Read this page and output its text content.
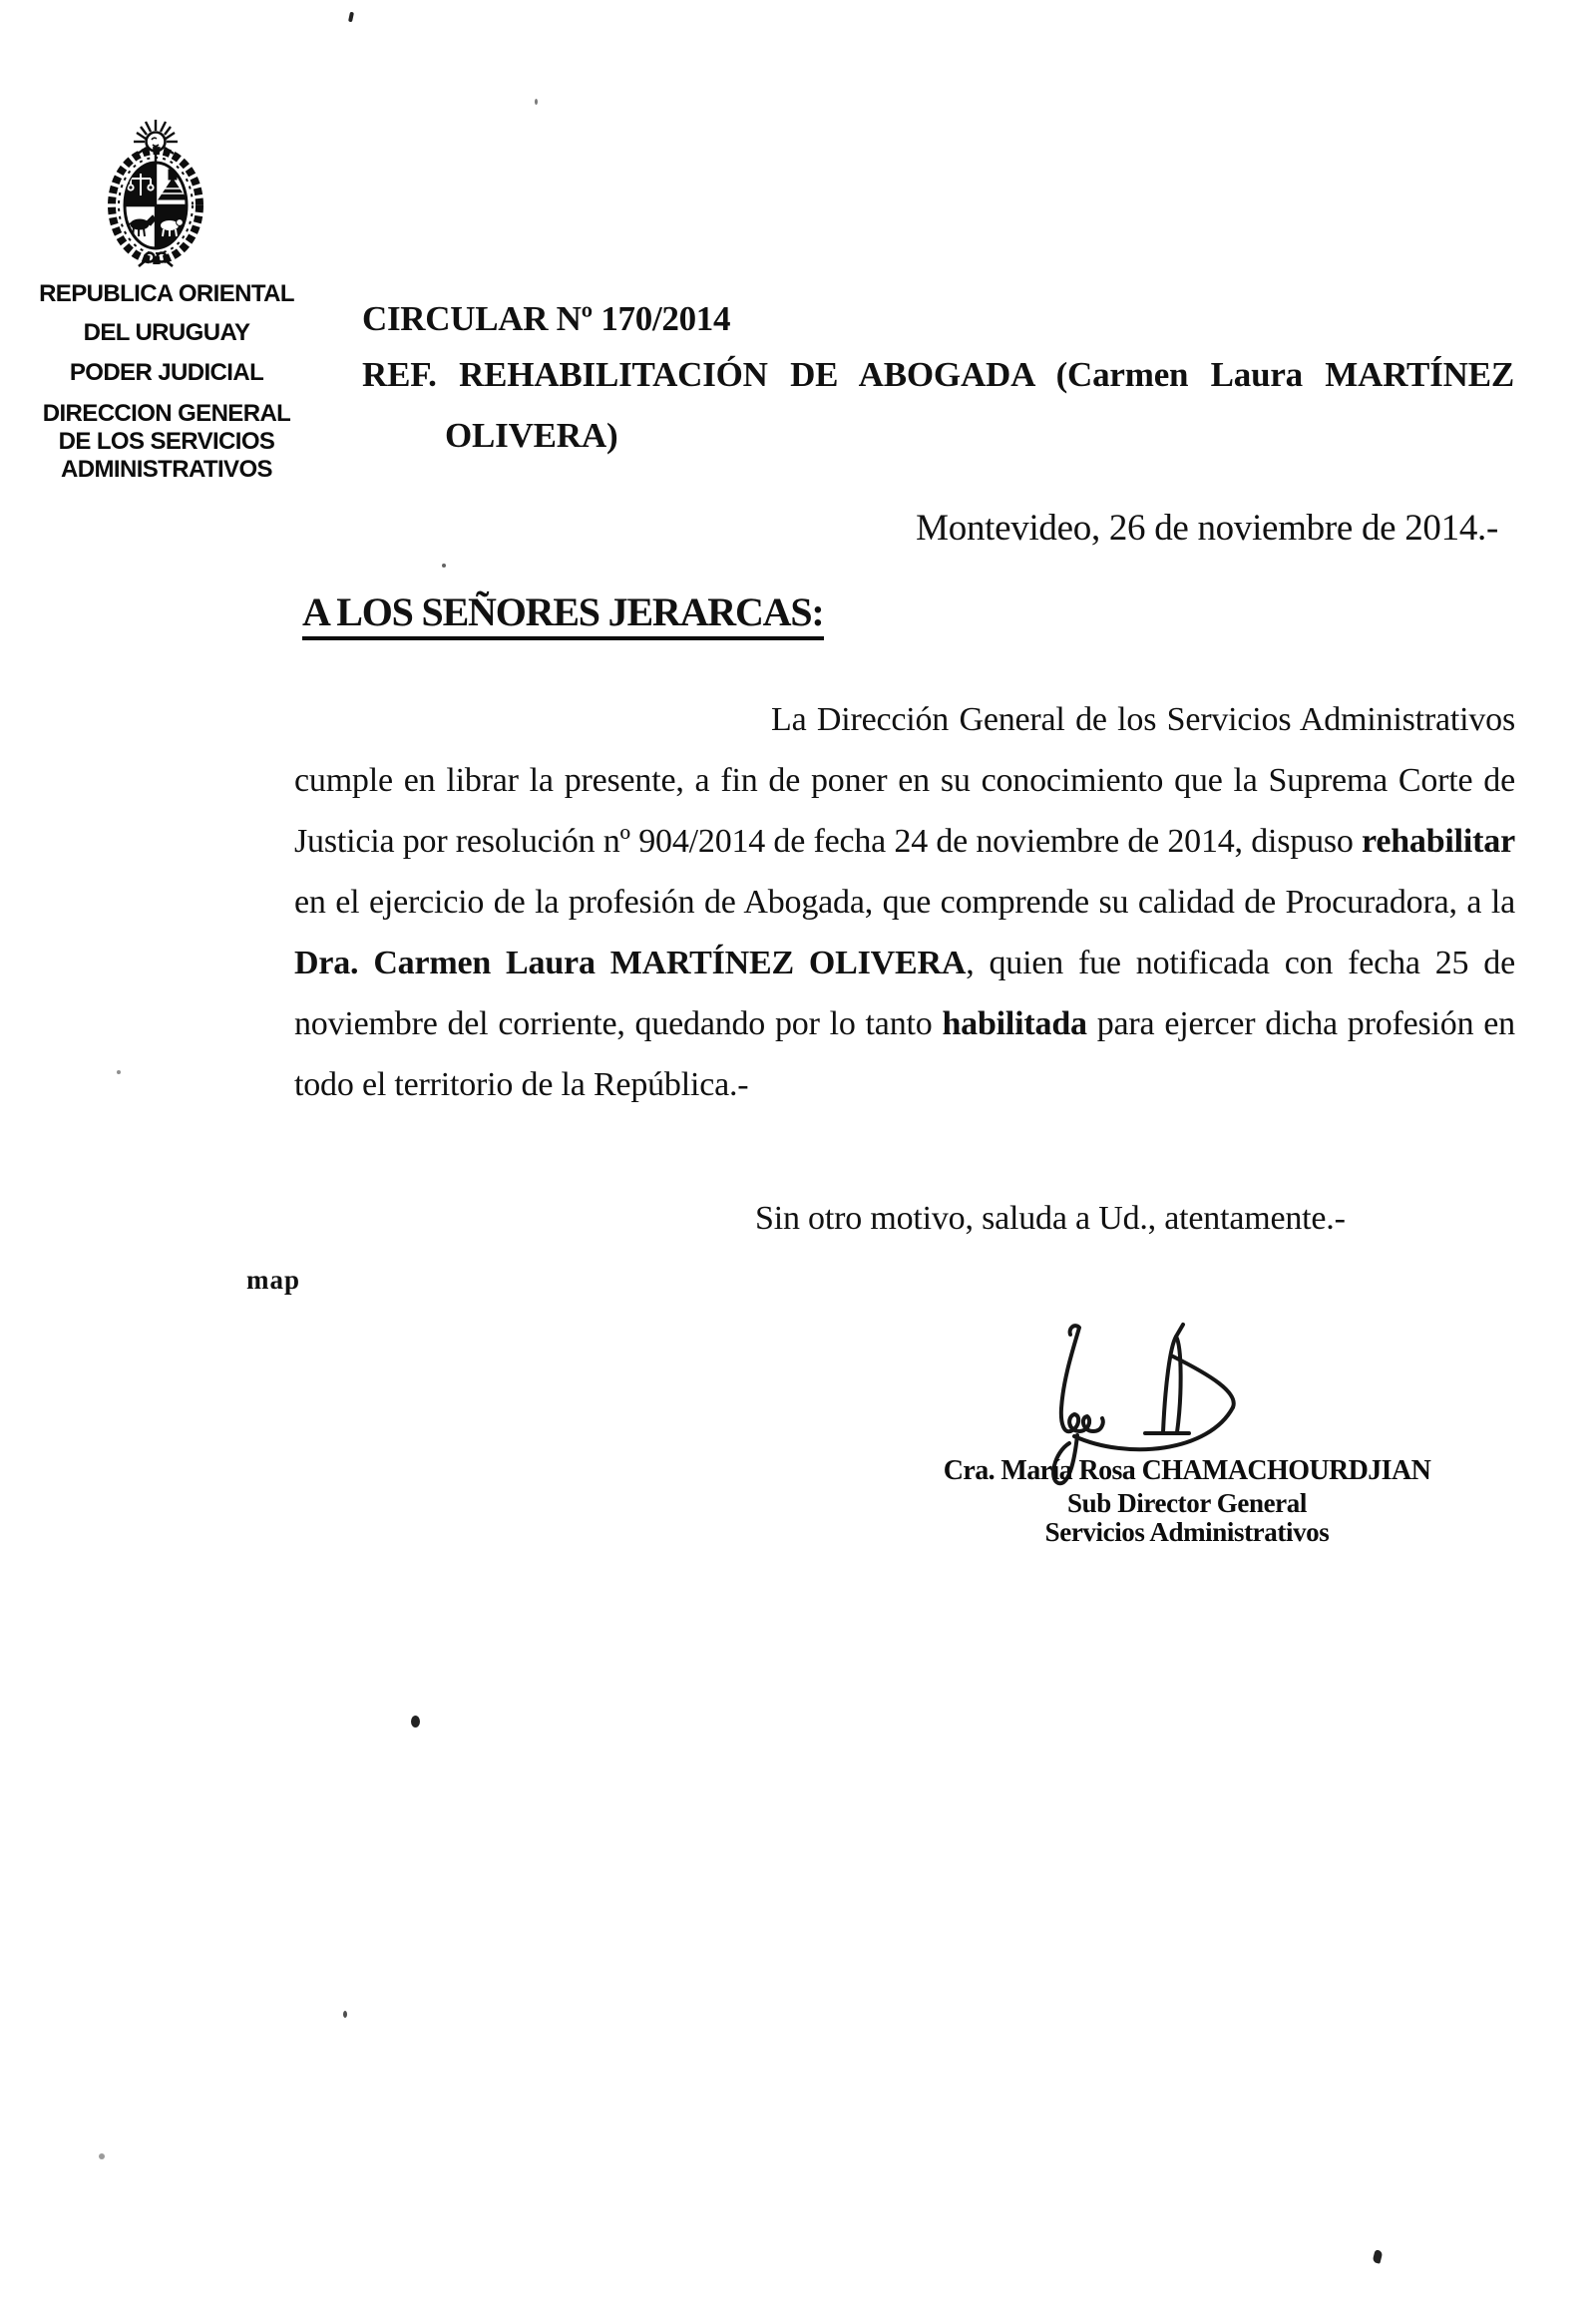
REPUBLICA ORIENTAL
DEL URUGUAY
PODER JUDICIAL
DIRECCION GENERAL
DE LOS SERVICIOS
ADMINISTRATIVOS
CIRCULAR Nº 170/2014
REF. REHABILITACIÓN DE ABOGADA (Carmen Laura MARTÍNEZ
OLIVERA)
Montevideo, 26 de noviembre de 2014.-
A LOS SEÑORES JERARCAS:
La Dirección General de los Servicios Administrativos cumple en librar la presente, a fin de poner en su conocimiento que la Suprema Corte de Justicia por resolución nº 904/2014 de fecha 24 de noviembre de 2014, dispuso rehabilitar en el ejercicio de la profesión de Abogada, que comprende su calidad de Procuradora, a la Dra. Carmen Laura MARTÍNEZ OLIVERA, quien fue notificada con fecha 25 de noviembre del corriente, quedando por lo tanto habilitada para ejercer dicha profesión en todo el territorio de la República.-
Sin otro motivo, saluda a Ud., atentamente.-
map
Cra. María Rosa CHAMACHOURDJIAN
Sub Director General
Servicios Administrativos
